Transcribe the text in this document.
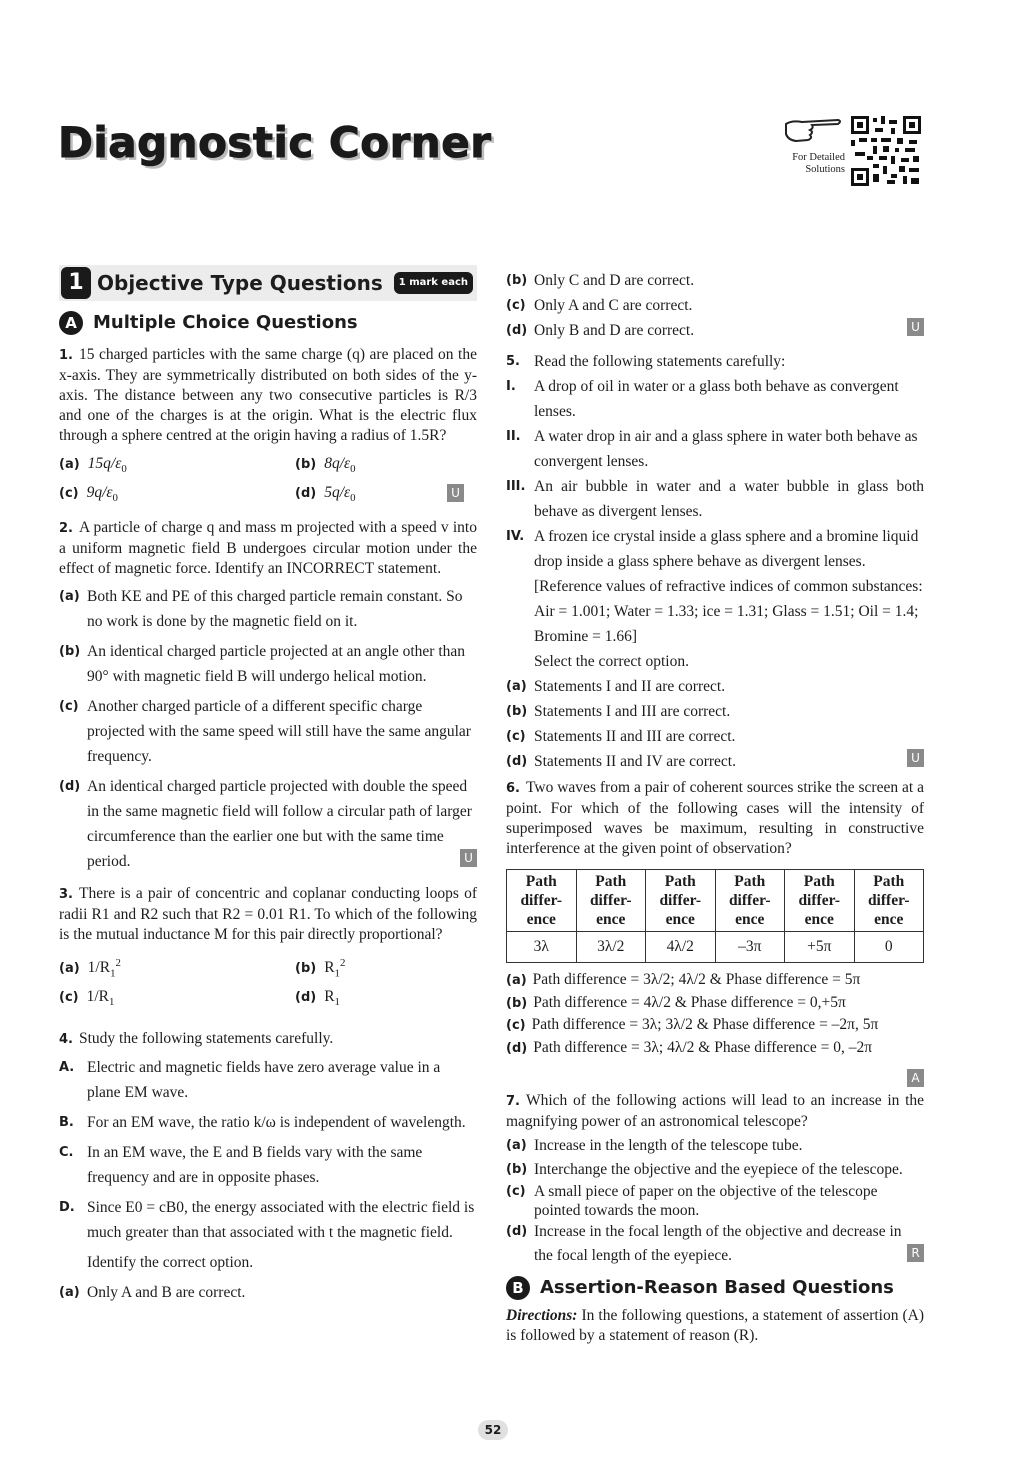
Diagnostic Corner	For Detailed
Solutions
1 Objective Type Questions	1 mark each
A Multiple Choice Questions
1. 15 charged particles with the same charge (q) are placed on the x-axis. They are symmetrically distributed on both sides of the y-axis. The distance between any two consecutive particles is R/3 and one of the charges is at the origin. What is the electric flux through a sphere centred at the origin having a radius of 1.5R?
(a) $15q/\varepsilon_0$	(b) $8q/\varepsilon_0$
(c) $9q/\varepsilon_0$	(d) $5q/\varepsilon_0$	U
2. A particle of charge q and mass m projected with a speed v into a uniform magnetic field B undergoes circular motion under the effect of magnetic force. Identify an INCORRECT statement.
(a) Both KE and PE of this charged particle remain constant. So no work is done by the magnetic field on it.
(b) An identical charged particle projected at an angle other than 90° with magnetic field B will undergo helical motion.
(c) Another charged particle of a different specific charge projected with the same speed will still have the same angular frequency.
(d) An identical charged particle projected with double the speed in the same magnetic field will follow a circular path of larger circumference than the earlier one but with the same time period.	U
3. There is a pair of concentric and coplanar conducting loops of radii R1 and R2 such that R2 = 0.01 R1. To which of the following is the mutual inductance M for this pair directly proportional?
(a) $1/R_1^2$	(b) $R_1^2$
(c) $1/R_1$	(d) $R_1$
4. Study the following statements carefully.
A. Electric and magnetic fields have zero average value in a plane EM wave.
B. For an EM wave, the ratio k/ω is independent of wavelength.
C. In an EM wave, the E and B fields vary with the same frequency and are in opposite phases.
D. Since E0 = cB0, the energy associated with the electric field is much greater than that associated with t the magnetic field.
Identify the correct option.
(a) Only A and B are correct.
(b) Only C and D are correct.
(c) Only A and C are correct.
(d) Only B and D are correct.	U
5. Read the following statements carefully:
I.	A drop of oil in water or a glass both behave as convergent lenses.
II. A water drop in air and a glass sphere in water both behave as convergent lenses.
III. An air bubble in water and a water bubble in glass both behave as divergent lenses.
IV. A frozen ice crystal inside a glass sphere and a bromine liquid drop inside a glass sphere behave as divergent lenses. [Reference values of refractive indices of common substances: Air = 1.001; Water = 1.33; ice = 1.31; Glass = 1.51; Oil = 1.4; Bromine = 1.66]
Select the correct option.
(a) Statements I and II are correct.
(b) Statements I and III are correct.
(c) Statements II and III are correct.
(d) Statements II and IV are correct.	U
6. Two waves from a pair of coherent sources strike the screen at a point. For which of the following cases will the intensity of superimposed waves be maximum, resulting in constructive interference at the given point of observation?
Path differ-ence	Path differ-ence	Path differ-ence	Path differ-ence	Path differ-ence	Path differ-ence
3λ	3λ/2	4λ/2	–3π	+5π	0
(a) Path difference = 3λ/2; 4λ/2 & Phase difference = 5π
(b) Path difference = 4λ/2 & Phase difference = 0,+5π
(c) Path difference = 3λ; 3λ/2 & Phase difference = –2π, 5π
(d) Path difference = 3λ; 4λ/2 & Phase difference = 0, –2π
A
7. Which of the following actions will lead to an increase in the magnifying power of an astronomical telescope?
(a) Increase in the length of the telescope tube.
(b) Interchange the objective and the eyepiece of the telescope.
(c) A small piece of paper on the objective of the telescope pointed towards the moon.
(d) Increase in the focal length of the objective and decrease in the focal length of the eyepiece.	R
B Assertion-Reason Based Questions
Directions: In the following questions, a statement of assertion (A) is followed by a statement of reason (R).
52
